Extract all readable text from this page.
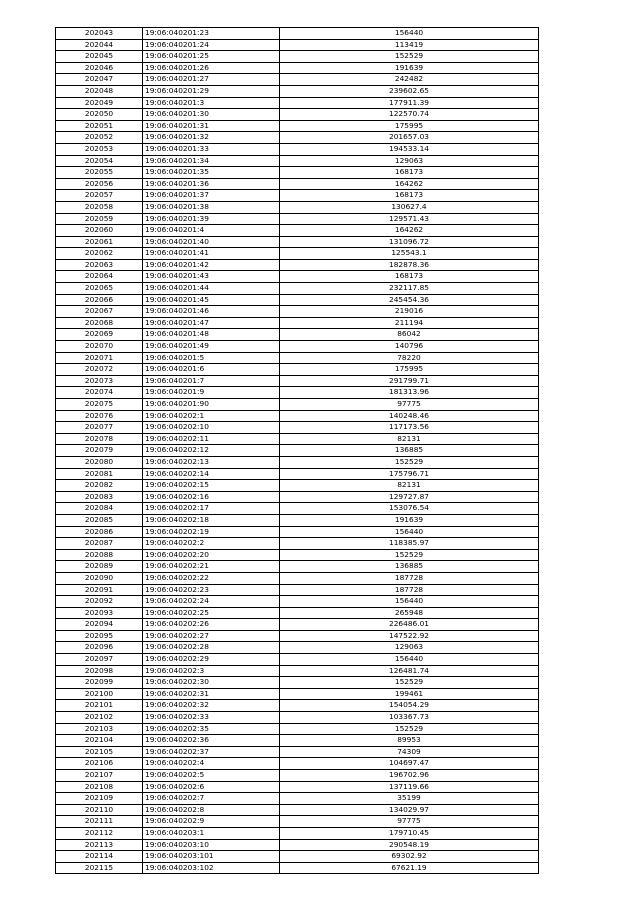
202043	19:06:040201:23	156440
202044	19:06:040201:24	113419
202045	19:06:040201:25	152529
202046	19:06:040201:26	191639
202047	19:06:040201:27	242482
202048	19:06:040201:29	239602.65
202049	19:06:040201:3	177911.39
202050	19:06:040201:30	122570.74
202051	19:06:040201:31	175995
202052	19:06:040201:32	201657.03
202053	19:06:040201:33	194533.14
202054	19:06:040201:34	129063
202055	19:06:040201:35	168173
202056	19:06:040201:36	164262
202057	19:06:040201:37	168173
202058	19:06:040201:38	130627.4
202059	19:06:040201:39	129571.43
202060	19:06:040201:4	164262
202061	19:06:040201:40	131096.72
202062	19:06:040201:41	125543.1
202063	19:06:040201:42	182878.36
202064	19:06:040201:43	168173
202065	19:06:040201:44	232117.85
202066	19:06:040201:45	245454.36
202067	19:06:040201:46	219016
202068	19:06:040201:47	211194
202069	19:06:040201:48	86042
202070	19:06:040201:49	140796
202071	19:06:040201:5	78220
202072	19:06:040201:6	175995
202073	19:06:040201:7	291799.71
202074	19:06:040201:9	181313.96
202075	19:06:040201:90	97775
202076	19:06:040202:1	140248.46
202077	19:06:040202:10	117173.56
202078	19:06:040202:11	82131
202079	19:06:040202:12	136885
202080	19:06:040202:13	152529
202081	19:06:040202:14	175796.71
202082	19:06:040202:15	82131
202083	19:06:040202:16	129727.87
202084	19:06:040202:17	153076.54
202085	19:06:040202:18	191639
202086	19:06:040202:19	156440
202087	19:06:040202:2	118385.97
202088	19:06:040202:20	152529
202089	19:06:040202:21	136885
202090	19:06:040202:22	187728
202091	19:06:040202:23	187728
202092	19:06:040202:24	156440
202093	19:06:040202:25	265948
202094	19:06:040202:26	226486.01
202095	19:06:040202:27	147522.92
202096	19:06:040202:28	129063
202097	19:06:040202:29	156440
202098	19:06:040202:3	126481.74
202099	19:06:040202:30	152529
202100	19:06:040202:31	199461
202101	19:06:040202:32	154054.29
202102	19:06:040202:33	103367.73
202103	19:06:040202:35	152529
202104	19:06:040202:36	89953
202105	19:06:040202:37	74309
202106	19:06:040202:4	104697.47
202107	19:06:040202:5	196702.96
202108	19:06:040202:6	137119.66
202109	19:06:040202:7	35199
202110	19:06:040202:8	134029.97
202111	19:06:040202:9	97775
202112	19:06:040203:1	179710.45
202113	19:06:040203:10	290548.19
202114	19:06:040203:101	69302.92
202115	19:06:040203:102	67621.19
